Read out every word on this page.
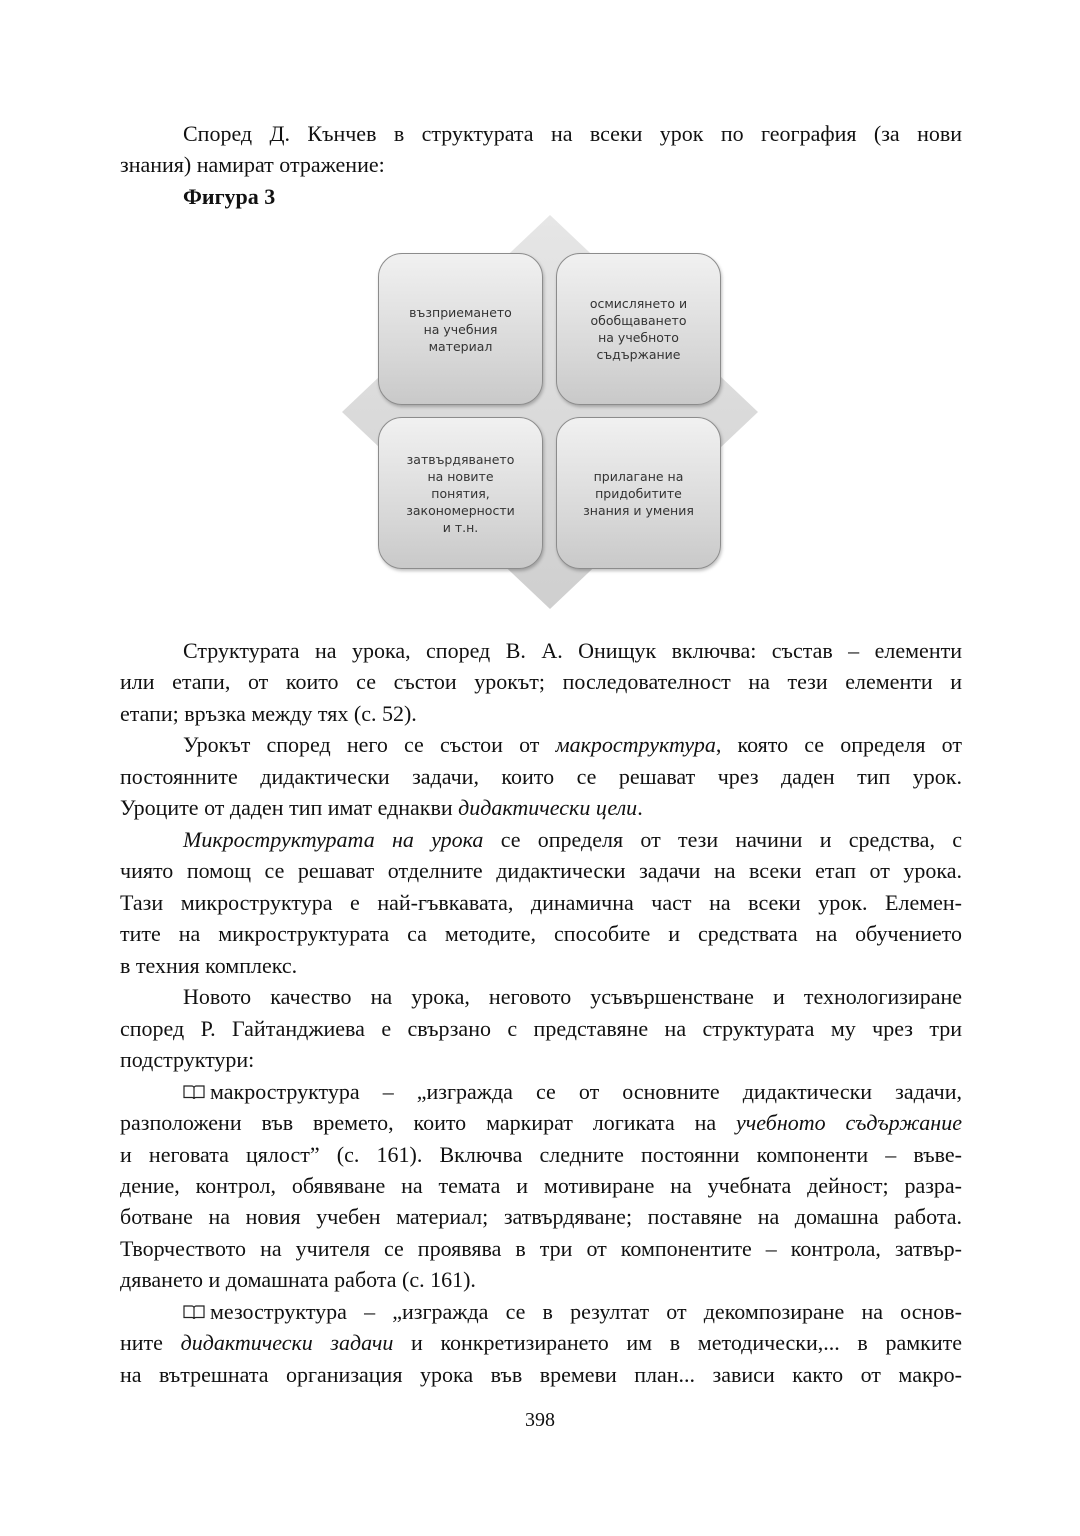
Според Д. Кънчев в структурата на всеки урок по география (за нови
знания) намират отражение:
Фигура 3
възприемането
на учебния
материал
осмислянето и
обобщаването
на учебното
съдържание
затвърдяването
на новите
понятия,
закономерности
и т.н.
прилагане на
придобитите
знания и умения
Структурата на урока, според В. А. Онищук включва: състав – елементи
или етапи, от които се състои урокът; последователност на тези елементи и
етапи; връзка между тях (с. 52).
Урокът според него се състои от макроструктура, която се определя от
постоянните дидактически задачи, които се решават чрез даден тип урок.
Уроците от даден тип имат еднакви дидактически цели.
Микроструктурата на урока се определя от тези начини и средства, с
чиято помощ се решават отделните дидактически задачи на всеки етап от урока.
Тази микроструктура е най-гъвкавата, динамична част на всеки урок. Елемен-
тите на микроструктурата са методите, способите и средствата на обучението
в техния комплекс.
Новото качество на урока, неговото усъвършенстване и технологизиране
според Р. Гайтанджиева е свързано с представяне на структурата му чрез три
подструктури:
макроструктура – „изгражда се от основните дидактически задачи,
разположени във времето, които маркират логиката на учебното съдържание
и неговата цялост” (с. 161). Включва следните постоянни компоненти – въве-
дение, контрол, обявяване на темата и мотивиране на учебната дейност; разра-
ботване на новия учебен материал; затвърдяване; поставяне на домашна работа.
Творчеството на учителя се проявява в три от компонентите – контрола, затвър-
дяването и домашната работа (с. 161).
мезоструктура – „изгражда се в резултат от декомпозиране на основ-
ните дидактически задачи и конкретизирането им в методически,... в рамките
на вътрешната организация урока във времеви план... зависи както от макро-
398
